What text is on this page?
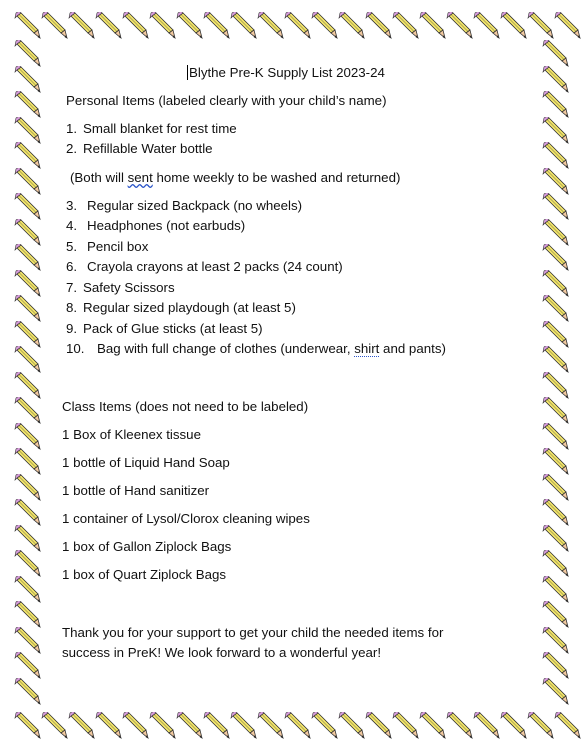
Blythe Pre-K Supply List 2023-24
Personal Items (labeled clearly with your child’s name)
1. Small blanket for rest time
2. Refillable Water bottle
(Both will sent home weekly to be washed and returned)
3. Regular sized Backpack (no wheels)
4. Headphones (not earbuds)
5. Pencil box
6. Crayola crayons at least 2 packs (24 count)
7. Safety Scissors
8. Regular sized playdough (at least 5)
9. Pack of Glue sticks (at least 5)
10. Bag with full change of clothes (underwear, shirt and pants)
Class Items (does not need to be labeled)
1 Box of Kleenex tissue
1 bottle of Liquid Hand Soap
1 bottle of Hand sanitizer
1 container of Lysol/Clorox cleaning wipes
1 box of Gallon Ziplock Bags
1 box of Quart Ziplock Bags
Thank you for your support to get your child the needed items for
success in PreK! We look forward to a wonderful year!
